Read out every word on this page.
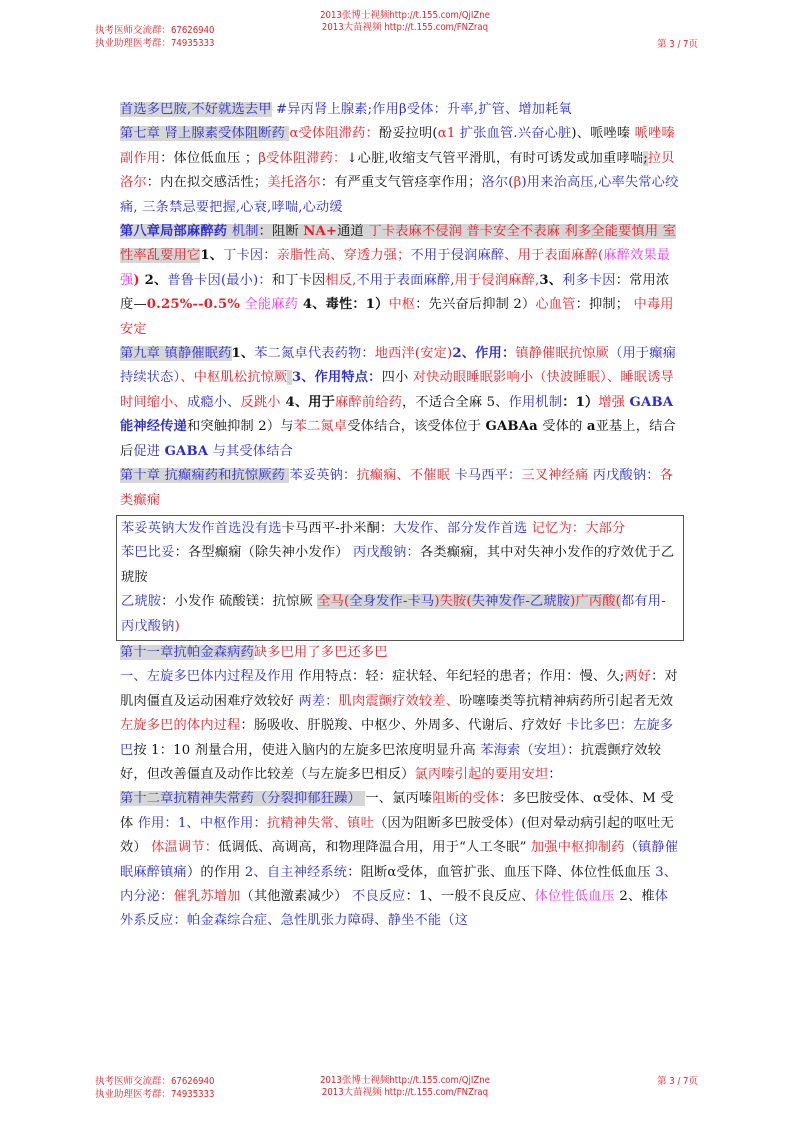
执考医师交流群：67626940
执业助理医考群：74935333
2013张博士视频http://t.155.com/QjIZne
2013大苗视频 http://t.155.com/FNZraq
第 3 / 7页

首选多巴胺,不好就选去甲 #异丙肾上腺素;作用β受体：升率,扩管、增加耗氧

第七章 肾上腺素受体阻断药 α受体阻滞药：酚妥拉明(α1 扩张血管.兴奋心脏)、哌唑嗪 哌唑嗪副作用：体位低血压 ；β受体阻滞药：↓心脏,收缩支气管平滑肌，有时可诱发或加重哮喘;拉贝洛尔：内在拟交感活性；美托洛尔：有严重支气管痉挛作用；洛尔(β)用来治高压,心率失常心绞痛, 三条禁忌要把握,心衰,哮喘,心动缓

第八章局部麻醉药 机制：阻断 NA+通道 丁卡表麻不侵润 普卡安全不表麻 利多全能要慎用 室性率乱要用它1、丁卡因：亲脂性高、穿透力强；不用于侵润麻醉、用于表面麻醉(麻醉效果最强) 2、普鲁卡因(最小)：和丁卡因相反,不用于表面麻醉,用于侵润麻醉,3、利多卡因：常用浓度—0.25%--0.5% 全能麻药 4、毒性：1）中枢：先兴奋后抑制 2）心血管：抑制； 中毒用安定

第九章 镇静催眠药1、苯二氮卓代表药物：地西泮(安定)2、作用：镇静催眠抗惊厥（用于癫痫持续状态）、中枢肌松抗惊厥 3、作用特点：四小 对快动眼睡眠影响小（快波睡眠）、睡眠诱导时间缩小、成瘾小、反跳小 4、用于麻醉前给药，不适合全麻 5、作用机制：1）增强 GABA 能神经传递和突触抑制 2）与苯二氮卓受体结合，该受体位于 GABAa 受体的 a亚基上，结合后促进 GABA 与其受体结合

第十章 抗癫痫药和抗惊厥药 苯妥英钠：抗癫痫、不催眠 卡马西平：三叉神经痛 丙戊酸钠：各类癫痫

苯妥英钠大发作首选没有选卡马西平-扑米酮：大发作、部分发作首选 记忆为：大部分

苯巴比妥：各型癫痫（除失神小发作） 丙戊酸钠：各类癫痫，其中对失神小发作的疗效优于乙琥胺

乙琥胺：小发作 硫酸镁：抗惊厥 全马(全身发作-卡马)失胺(失神发作-乙琥胺)广丙酸(都有用-丙戊酸钠)

第十一章抗帕金森病药缺多巴用了多巴还多巴

一、左旋多巴体内过程及作用 作用特点：轻：症状轻、年纪轻的患者；作用：慢、久;两好：对肌肉僵直及运动困难疗效较好 两差：肌肉震颤疗效较差、吩噻嗪类等抗精神病药所引起者无效 左旋多巴的体内过程：肠吸收、肝脱羧、中枢少、外周多、代谢后、疗效好 卡比多巴：左旋多巴按 1：10 剂量合用，使进入脑内的左旋多巴浓度明显升高 苯海索（安坦）：抗震颤疗效较好，但改善僵直及动作比较差（与左旋多巴相反）氯丙嗪引起的要用安坦：

第十二章抗精神失常药（分裂抑郁狂躁） 一、氯丙嗪阻断的受体：多巴胺受体、α受体、M 受体 作用：1、中枢作用：抗精神失常、镇吐（因为阻断多巴胺受体）(但对晕动病引起的呕吐无效） 体温调节：低调低、高调高，和物理降温合用，用于“人工冬眠” 加强中枢抑制药（镇静催眠麻醉镇痛）的作用 2、自主神经系统：阻断α受体，血管扩张、血压下降、体位性低血压 3、内分泌：催乳苏增加（其他激素减少） 不良反应：1、一般不良反应、体位性低血压 2、椎体外系反应：帕金森综合症、急性肌张力障碍、静坐不能（这

执考医师交流群：67626940
执业助理医考群：74935333
2013张博士视频http://t.155.com/QjIZne
2013大苗视频 http://t.155.com/FNZraq
第 3 / 7页
